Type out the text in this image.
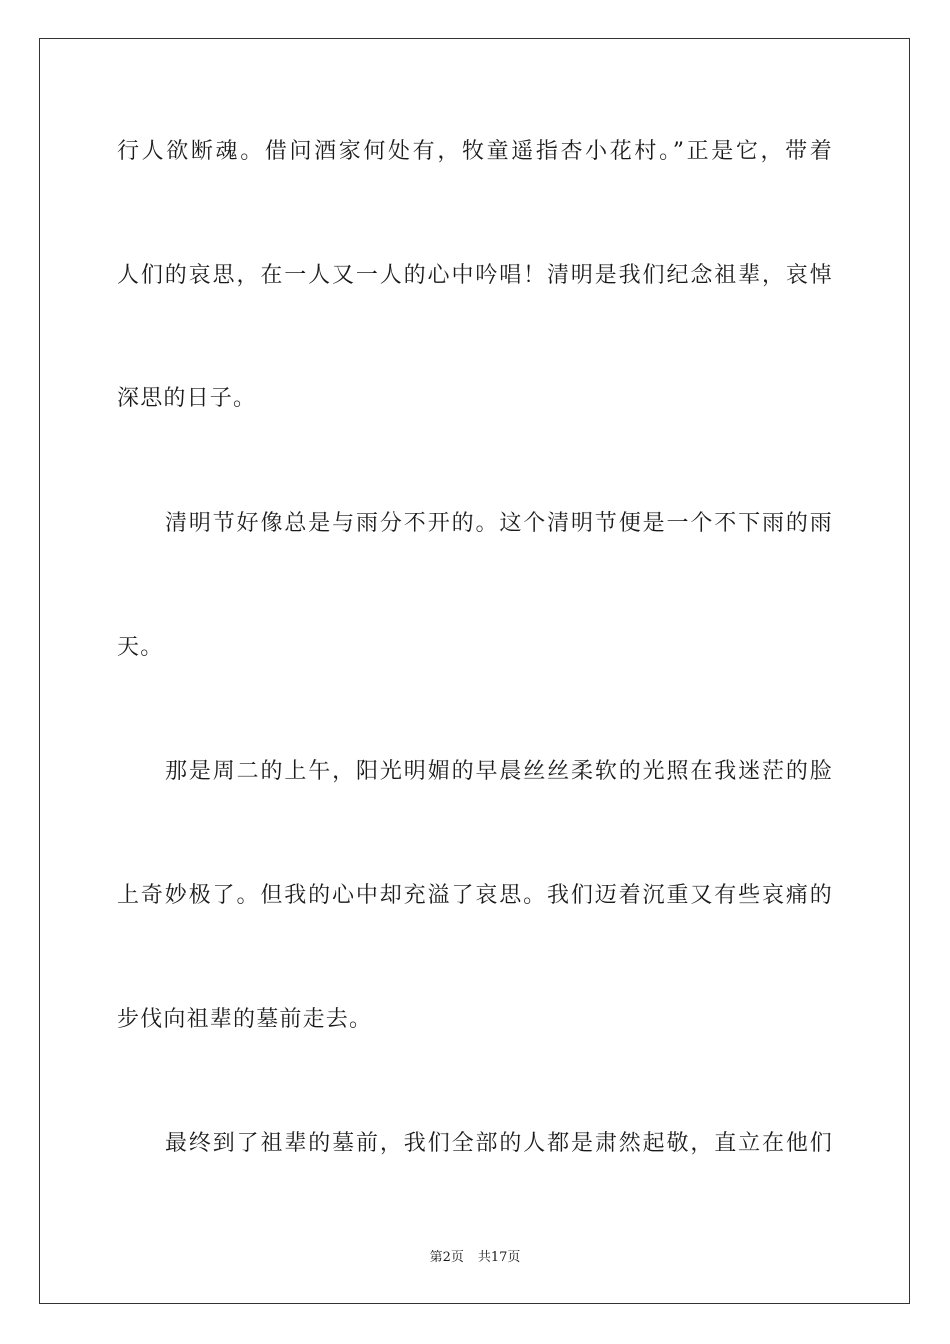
行人欲断魂。借问酒家何处有，牧童遥指杏小花村。”正是它，带着
人们的哀思，在一人又一人的心中吟唱！清明是我们纪念祖辈，哀悼
深思的日子。
清明节好像总是与雨分不开的。这个清明节便是一个不下雨的雨
天。
那是周二的上午，阳光明媚的早晨丝丝柔软的光照在我迷茫的脸
上奇妙极了。但我的心中却充溢了哀思。我们迈着沉重又有些哀痛的
步伐向祖辈的墓前走去。
最终到了祖辈的墓前，我们全部的人都是肃然起敬，直立在他们
第2页 共17页
